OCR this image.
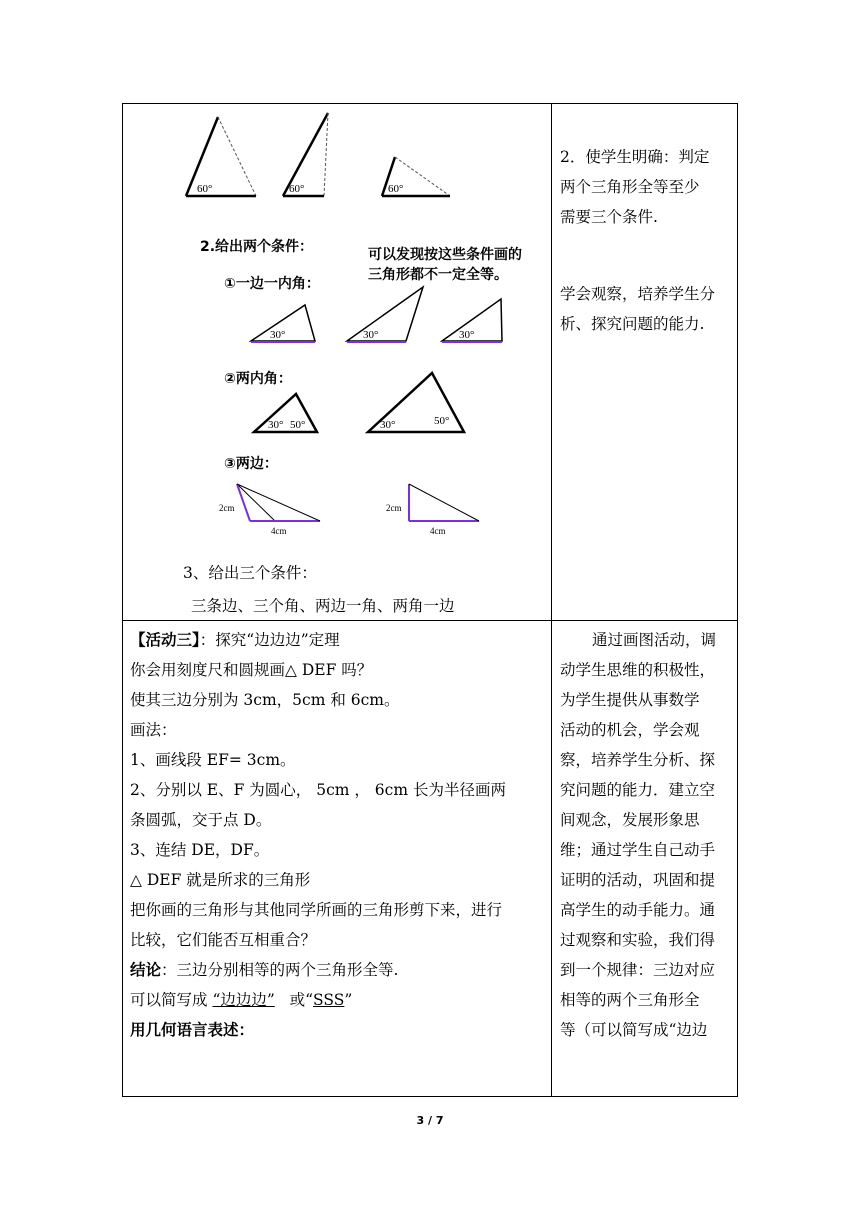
60°	60°	60°
2.给出两个条件：	可以发现按这些条件画的
三角形都不一定全等。
①一边一内角：
30°	30°	30°
②两内角：
30° 50°	30°	50°
③两边：
2cm
4cm
2cm
4cm
3、给出三个条件：
三条边、三个角、两边一角、两角一边
2．使学生明确：判定
两个三角形全等至少
需要三个条件.
学会观察，培养学生分
析、探究问题的能力.
【活动三】：探究“边边边”定理
你会用刻度尺和圆规画△ DEF 吗？
使其三边分别为 3cm，5cm 和 6cm。
画法：
1、画线段 EF= 3cm。
2、分别以 E、F 为圆心， 5cm ， 6cm 长为半径画两
条圆弧，交于点 D。
3、连结 DE，DF。
△ DEF 就是所求的三角形
把你画的三角形与其他同学所画的三角形剪下来，进行
比较，它们能否互相重合？
结论：三边分别相等的两个三角形全等.
可以简写成 “边边边” 或“SSS”
用几何语言表述：
通过画图活动，调
动学生思维的积极性，
为学生提供从事数学
活动的机会，学会观
察，培养学生分析、探
究问题的能力．建立空
间观念，发展形象思
维；通过学生自己动手
证明的活动，巩固和提
高学生的动手能力。通
过观察和实验，我们得
到一个规律：三边对应
相等的两个三角形全
等（可以简写成“边边
3 / 7
